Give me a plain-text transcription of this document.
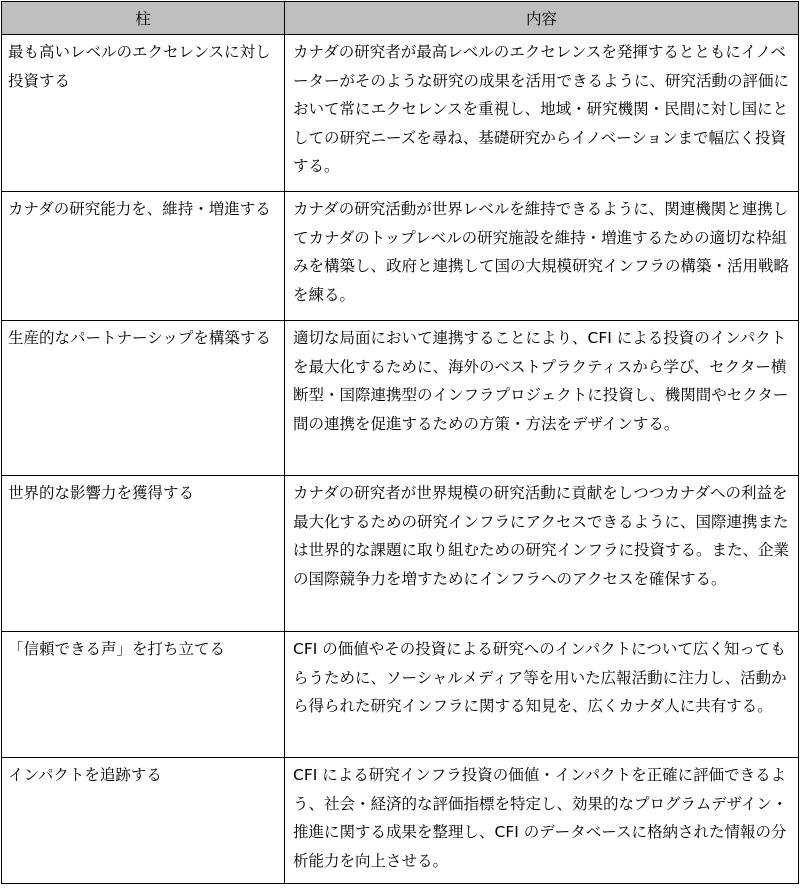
柱	内容
最も高いレベルのエクセレンスに対し投資する	カナダの研究者が最高レベルのエクセレンスを発揮するとともにイノベーターがそのような研究の成果を活用できるように、研究活動の評価において常にエクセレンスを重視し、地域・研究機関・民間に対し国にとしての研究ニーズを尋ね、基礎研究からイノベーションまで幅広く投資する。
カナダの研究能力を、維持・増進する	カナダの研究活動が世界レベルを維持できるように、関連機関と連携してカナダのトップレベルの研究施設を維持・増進するための適切な枠組みを構築し、政府と連携して国の大規模研究インフラの構築・活用戦略を練る。
生産的なパートナーシップを構築する	適切な局面において連携することにより、CFI による投資のインパクトを最大化するために、海外のベストプラクティスから学び、セクター横断型・国際連携型のインフラプロジェクトに投資し、機関間やセクター間の連携を促進するための方策・方法をデザインする。
世界的な影響力を獲得する	カナダの研究者が世界規模の研究活動に貢献をしつつカナダへの利益を最大化するための研究インフラにアクセスできるように、国際連携または世界的な課題に取り組むための研究インフラに投資する。また、企業の国際競争力を増すためにインフラへのアクセスを確保する。
「信頼できる声」を打ち立てる	CFI の価値やその投資による研究へのインパクトについて広く知ってもらうために、ソーシャルメディア等を用いた広報活動に注力し、活動から得られた研究インフラに関する知見を、広くカナダ人に共有する。
インパクトを追跡する	CFI による研究インフラ投資の価値・インパクトを正確に評価できるよう、社会・経済的な評価指標を特定し、効果的なプログラムデザイン・推進に関する成果を整理し、CFI のデータベースに格納された情報の分析能力を向上させる。
